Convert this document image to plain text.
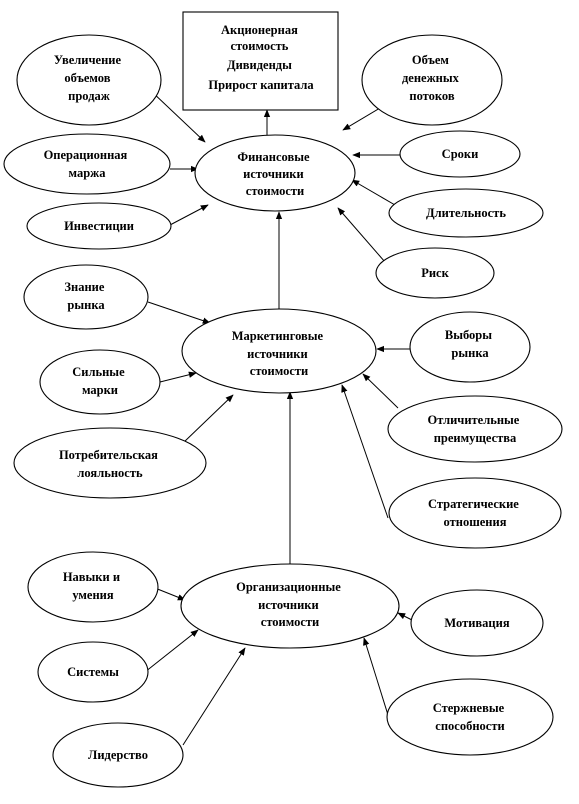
Акционерная стоимость Дивиденды Прирост капитала
Финансовые источники стоимости
Маркетинговые источники стоимости
Организационные источники стоимости
Увеличение объемов продаж
Операционная маржа
Инвестиции
Объем денежных потоков
Сроки
Длительность
Риск
Знание рынка
Сильные марки
Потребительская лояльность
Выборы рынка
Отличительные преимущества
Стратегические отношения
Навыки и умения
Системы
Лидерство
Мотивация
Стержневые способности
